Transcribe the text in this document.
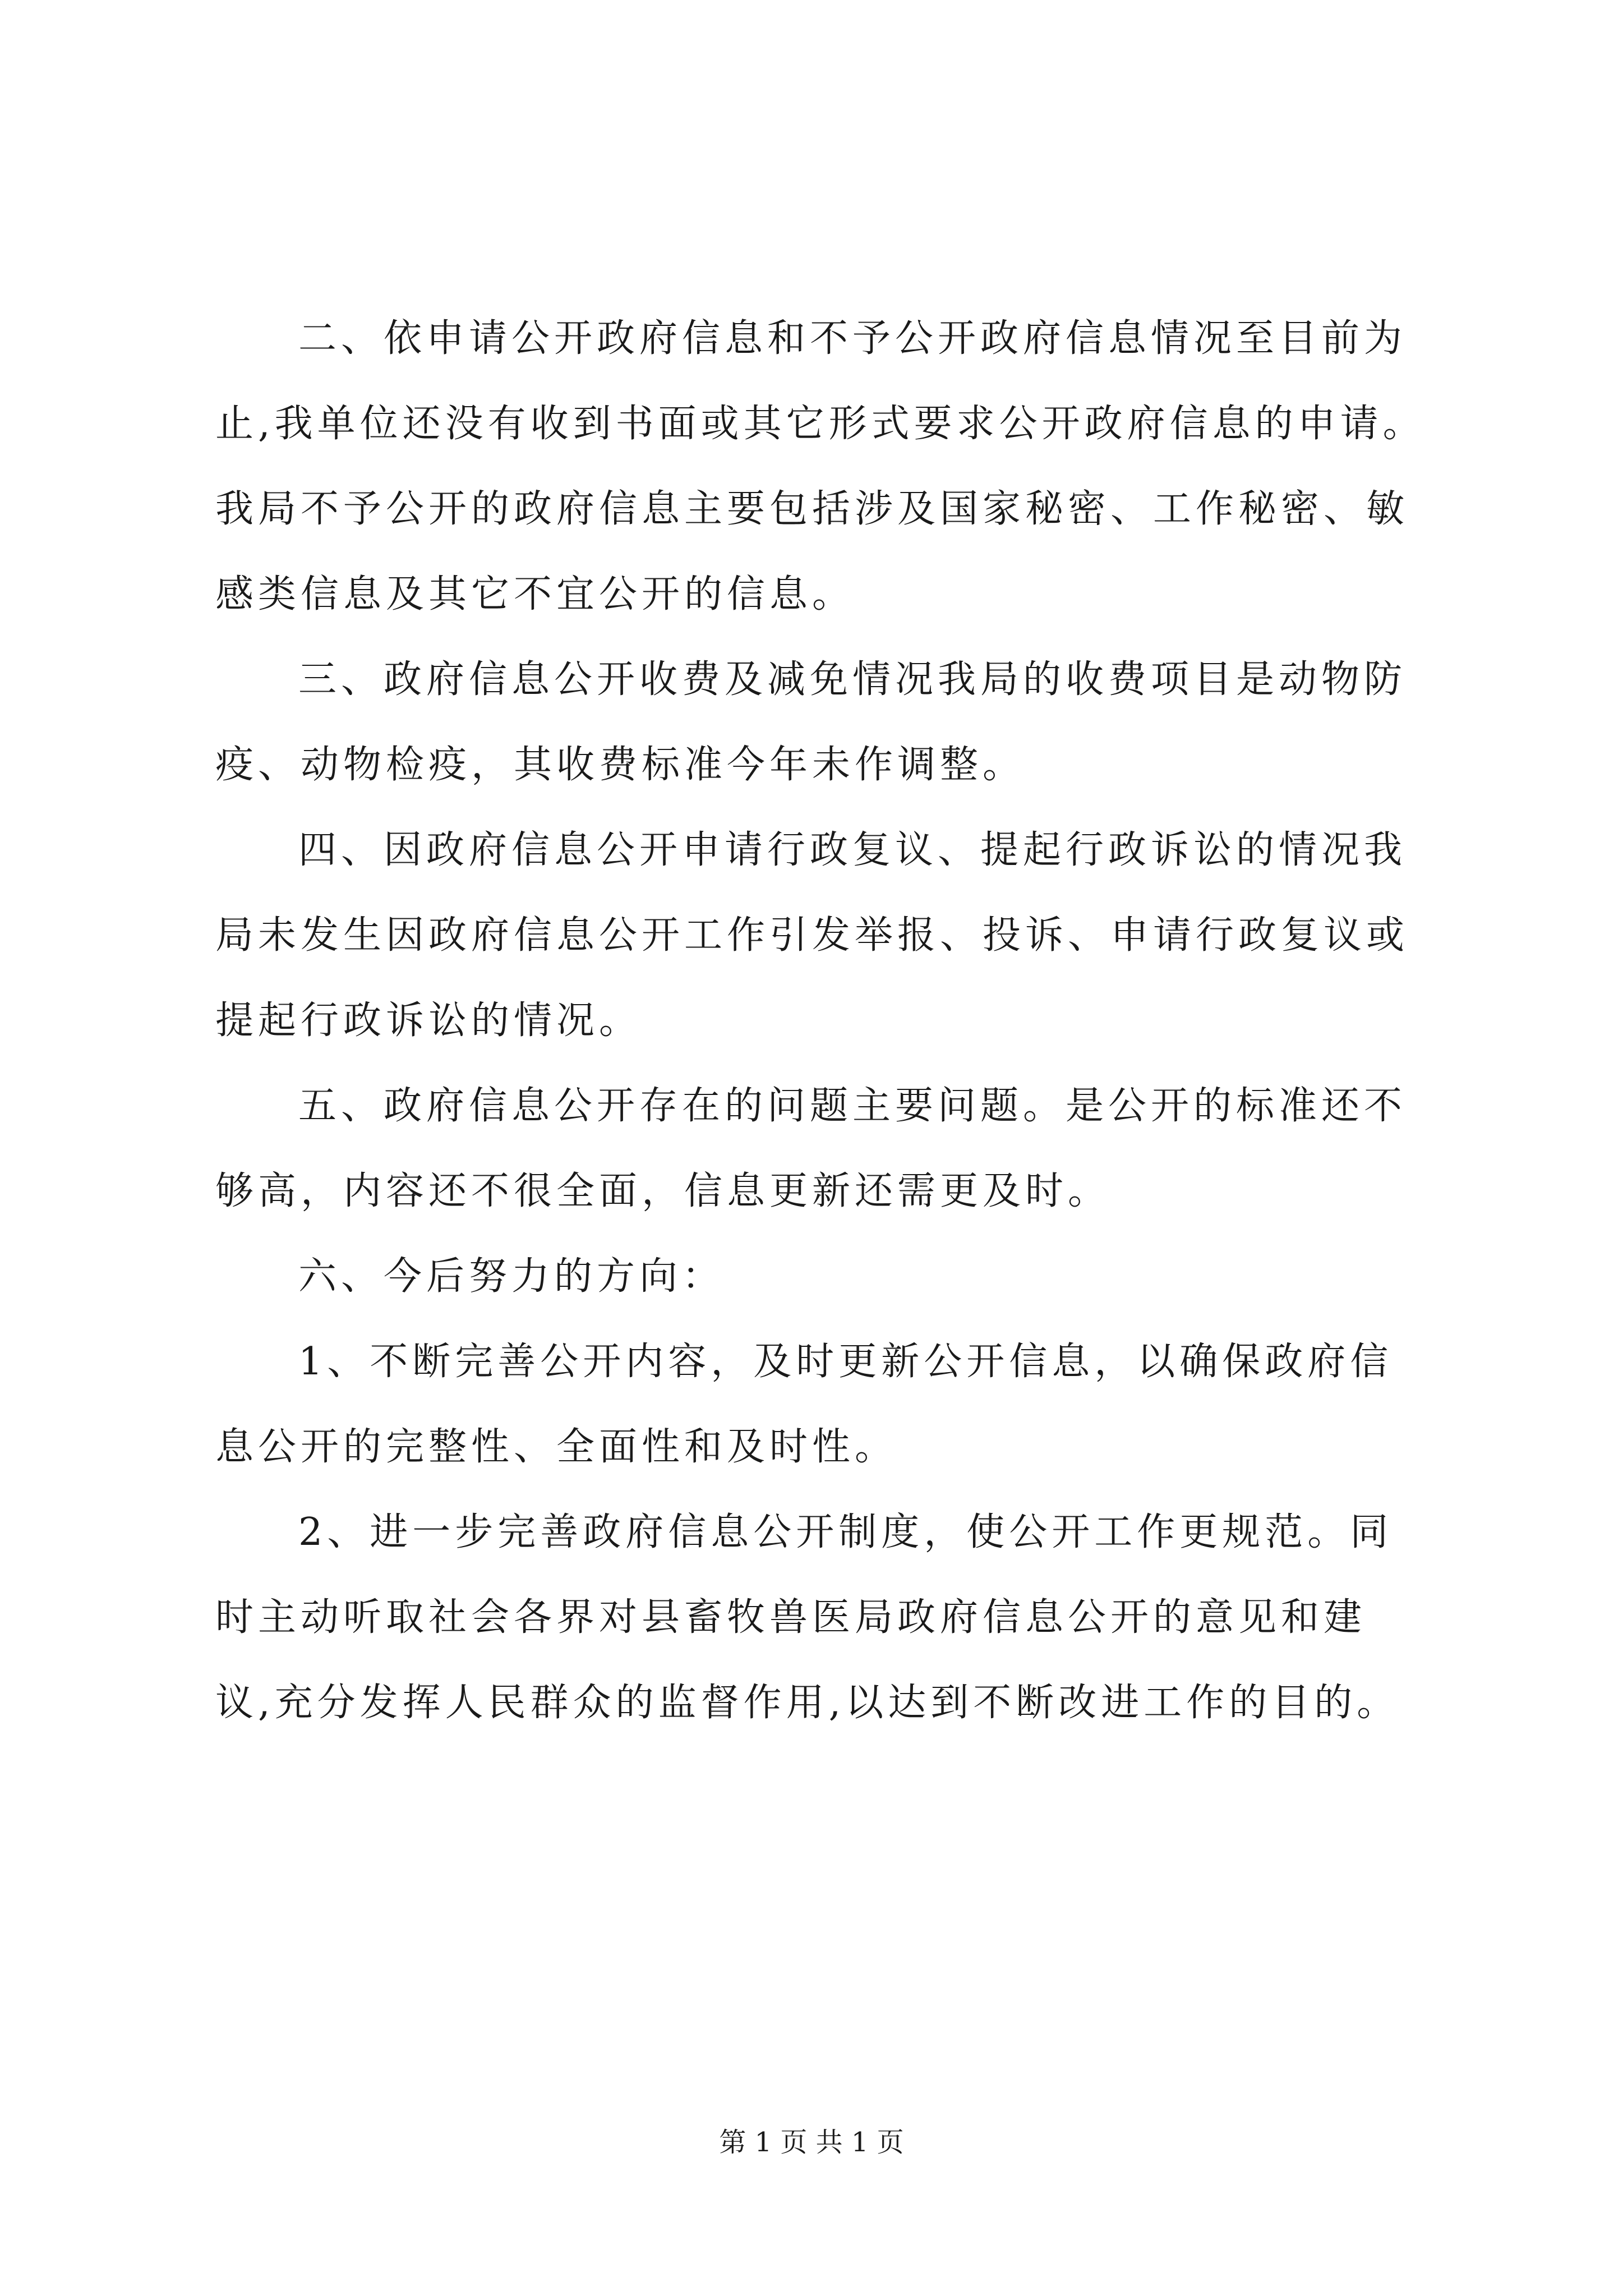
二、依申请公开政府信息和不予公开政府信息情况至目前为
止,我单位还没有收到书面或其它形式要求公开政府信息的申请。
我局不予公开的政府信息主要包括涉及国家秘密、工作秘密、敏
感类信息及其它不宜公开的信息。
三、政府信息公开收费及减免情况我局的收费项目是动物防
疫、动物检疫，其收费标准今年未作调整。
四、因政府信息公开申请行政复议、提起行政诉讼的情况我
局未发生因政府信息公开工作引发举报、投诉、申请行政复议或
提起行政诉讼的情况。
五、政府信息公开存在的问题主要问题。是公开的标准还不
够高，内容还不很全面，信息更新还需更及时。
六、今后努力的方向：
1、不断完善公开内容，及时更新公开信息，以确保政府信
息公开的完整性、全面性和及时性。
2、进一步完善政府信息公开制度，使公开工作更规范。同
时主动听取社会各界对县畜牧兽医局政府信息公开的意见和建
议,充分发挥人民群众的监督作用,以达到不断改进工作的目的。
第 1 页 共 1 页
